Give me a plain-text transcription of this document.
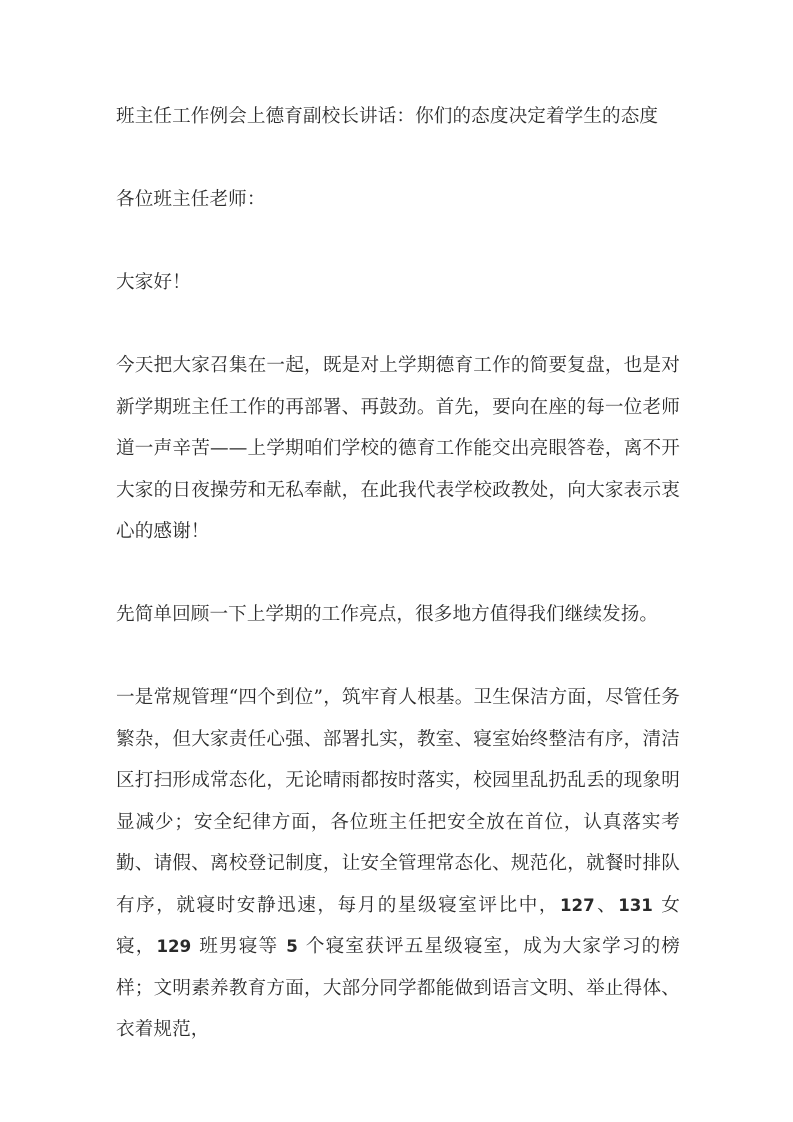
班主任工作例会上德育副校长讲话：你们的态度决定着学生的态度

各位班主任老师：

大家好！

今天把大家召集在一起，既是对上学期德育工作的简要复盘，也是对新学期班主任工作的再部署、再鼓劲。首先，要向在座的每一位老师道一声辛苦——上学期咱们学校的德育工作能交出亮眼答卷，离不开大家的日夜操劳和无私奉献，在此我代表学校政教处，向大家表示衷心的感谢！

先简单回顾一下上学期的工作亮点，很多地方值得我们继续发扬。

一是常规管理“四个到位”，筑牢育人根基。卫生保洁方面，尽管任务繁杂，但大家责任心强、部署扎实，教室、寝室始终整洁有序，清洁区打扫形成常态化，无论晴雨都按时落实，校园里乱扔乱丢的现象明显减少；安全纪律方面，各位班主任把安全放在首位，认真落实考勤、请假、离校登记制度，让安全管理常态化、规范化，就餐时排队有序，就寝时安静迅速，每月的星级寝室评比中，127、131 女寝，129 班男寝等 5 个寝室获评五星级寝室，成为大家学习的榜样；文明素养教育方面，大部分同学都能做到语言文明、举止得体、衣着规范，
